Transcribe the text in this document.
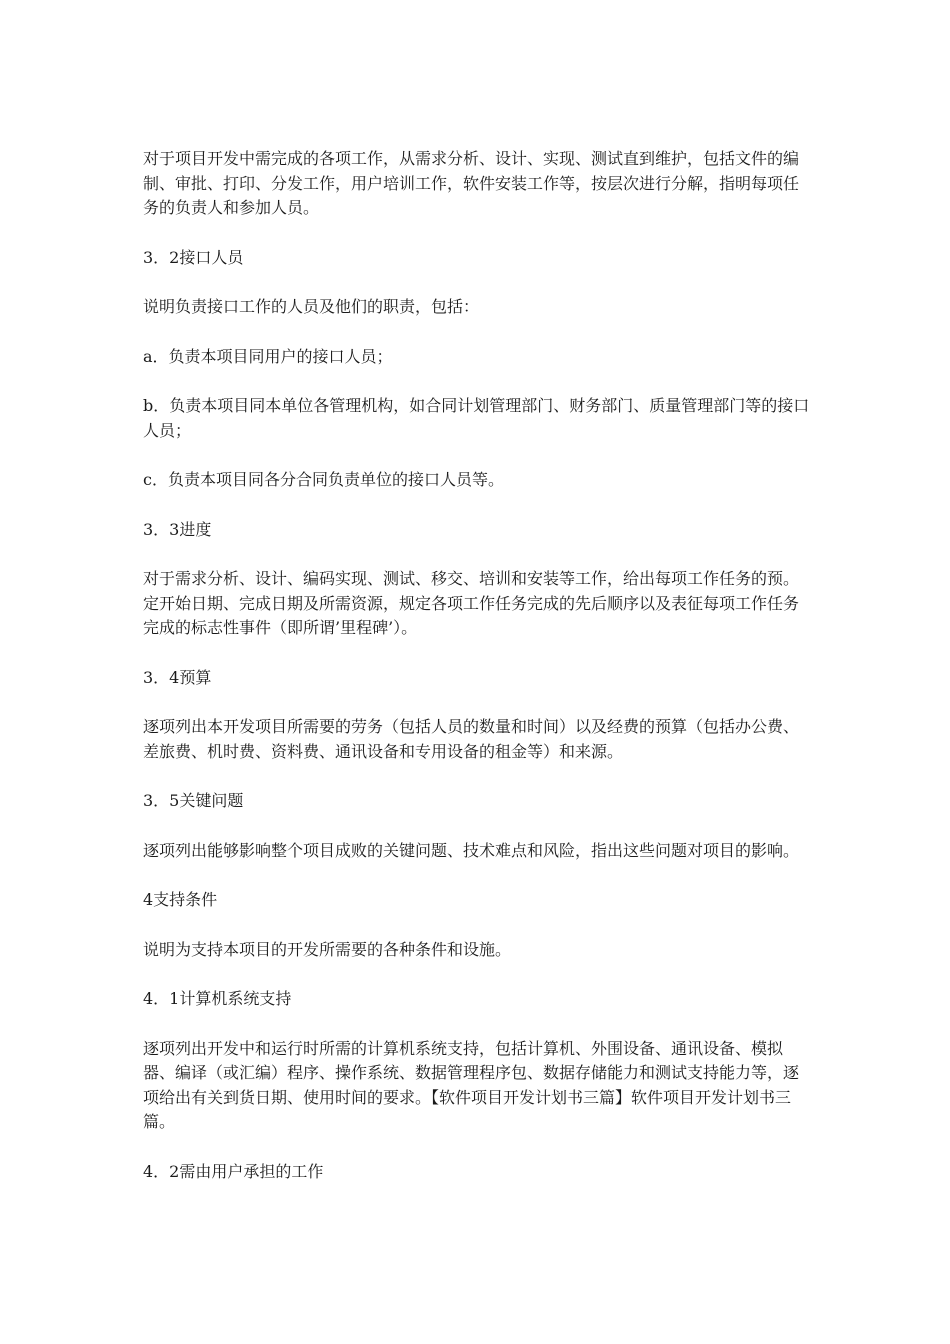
对于项目开发中需完成的各项工作，从需求分析、设计、实现、测试直到维护，包括文件的编制、审批、打印、分发工作，用户培训工作，软件安装工作等，按层次进行分解，指明每项任务的负责人和参加人员。

3．2接口人员

说明负责接口工作的人员及他们的职责，包括：

a．负责本项目同用户的接口人员；

b．负责本项目同本单位各管理机构，如合同计划管理部门、财务部门、质量管理部门等的接口人员；

c．负责本项目同各分合同负责单位的接口人员等。

3．3进度

对于需求分析、设计、编码实现、测试、移交、培训和安装等工作，给出每项工作任务的预。定开始日期、完成日期及所需资源，规定各项工作任务完成的先后顺序以及表征每项工作任务完成的标志性事件（即所谓’里程碑’）。

3．4预算

逐项列出本开发项目所需要的劳务（包括人员的数量和时间）以及经费的预算（包括办公费、差旅费、机时费、资料费、通讯设备和专用设备的租金等）和来源。

3．5关键问题

逐项列出能够影响整个项目成败的关键问题、技术难点和风险，指出这些问题对项目的影响。

4支持条件

说明为支持本项目的开发所需要的各种条件和设施。

4．1计算机系统支持

逐项列出开发中和运行时所需的计算机系统支持，包括计算机、外围设备、通讯设备、模拟器、编译（或汇编）程序、操作系统、数据管理程序包、数据存储能力和测试支持能力等，逐项给出有关到货日期、使用时间的要求。【软件项目开发计划书三篇】软件项目开发计划书三篇。

4．2需由用户承担的工作
